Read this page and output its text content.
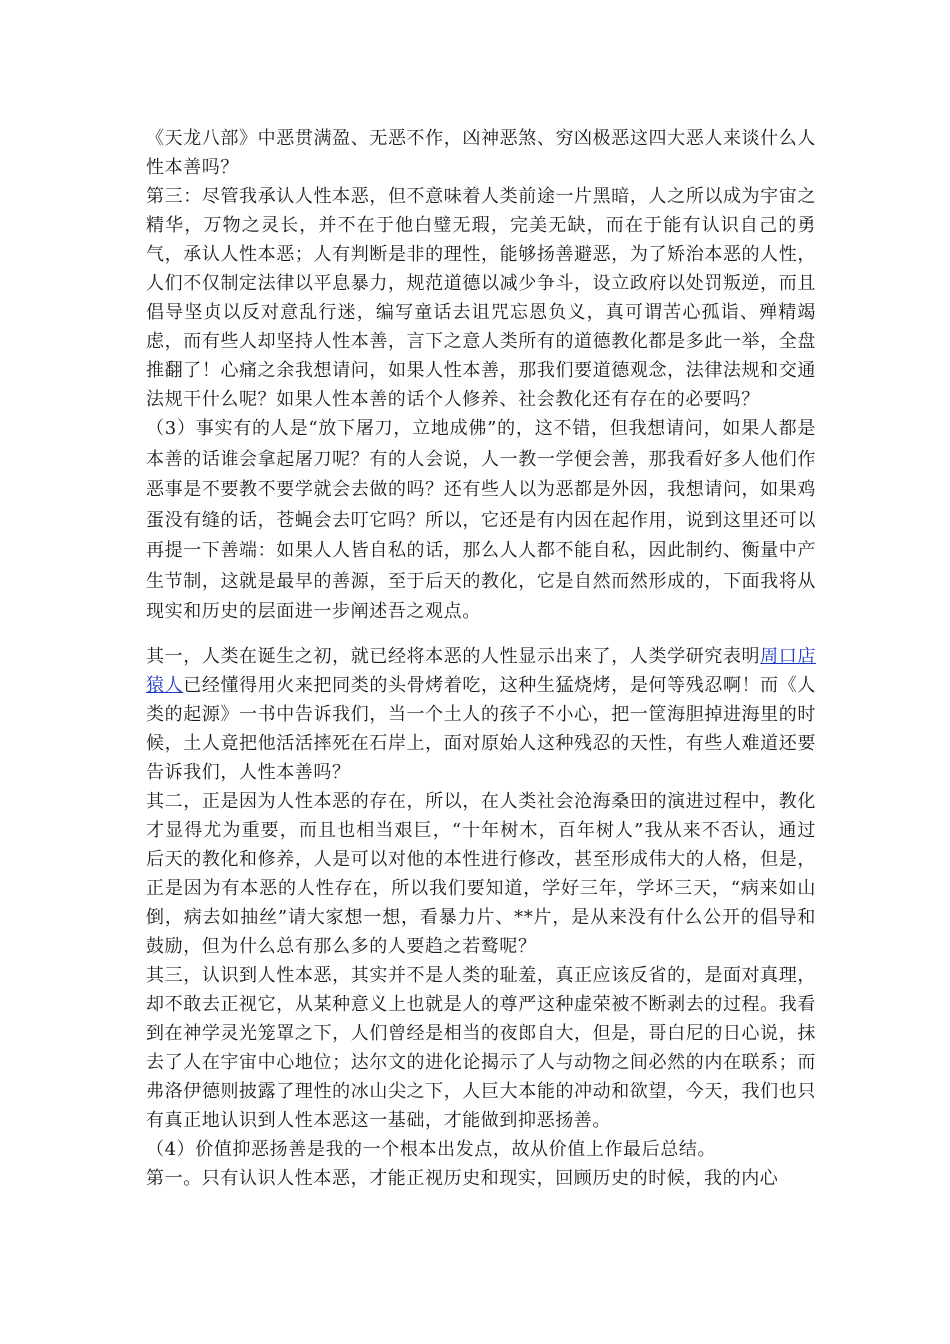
《天龙八部》中恶贯满盈、无恶不作，凶神恶煞、穷凶极恶这四大恶人来谈什么人性本善吗？

第三：尽管我承认人性本恶，但不意味着人类前途一片黑暗，人之所以成为宇宙之精华，万物之灵长，并不在于他白璧无瑕，完美无缺，而在于能有认识自己的勇气，承认人性本恶；人有判断是非的理性，能够扬善避恶，为了矫治本恶的人性，人们不仅制定法律以平息暴力，规范道德以减少争斗，设立政府以处罚叛逆，而且倡导坚贞以反对意乱行迷，编写童话去诅咒忘恩负义，真可谓苦心孤诣、殚精竭虑，而有些人却坚持人性本善，言下之意人类所有的道德教化都是多此一举，全盘推翻了！心痛之余我想请问，如果人性本善，那我们要道德观念，法律法规和交通法规干什么呢？如果人性本善的话个人修养、社会教化还有存在的必要吗？

（3）事实有的人是“放下屠刀，立地成佛”的，这不错，但我想请问，如果人都是本善的话谁会拿起屠刀呢？有的人会说，人一教一学便会善，那我看好多人他们作恶事是不要教不要学就会去做的吗？还有些人以为恶都是外因，我想请问，如果鸡蛋没有缝的话，苍蝇会去叮它吗？所以，它还是有内因在起作用，说到这里还可以再提一下善端：如果人人皆自私的话，那么人人都不能自私，因此制约、衡量中产生节制，这就是最早的善源，至于后天的教化，它是自然而然形成的，下面我将从现实和历史的层面进一步阐述吾之观点。

其一，人类在诞生之初，就已经将本恶的人性显示出来了，人类学研究表明周口店猿人已经懂得用火来把同类的头骨烤着吃，这种生猛烧烤，是何等残忍啊！而《人类的起源》一书中告诉我们，当一个土人的孩子不小心，把一筐海胆掉进海里的时候，土人竟把他活活摔死在石岸上，面对原始人这种残忍的天性，有些人难道还要告诉我们，人性本善吗？

其二，正是因为人性本恶的存在，所以，在人类社会沧海桑田的演进过程中，教化才显得尤为重要，而且也相当艰巨，“十年树木，百年树人”我从来不否认，通过后天的教化和修养，人是可以对他的本性进行修改，甚至形成伟大的人格，但是，正是因为有本恶的人性存在，所以我们要知道，学好三年，学坏三天，“病来如山倒，病去如抽丝”请大家想一想，看暴力片、**片，是从来没有什么公开的倡导和鼓励，但为什么总有那么多的人要趋之若鹜呢？

其三，认识到人性本恶，其实并不是人类的耻羞，真正应该反省的，是面对真理，却不敢去正视它，从某种意义上也就是人的尊严这种虚荣被不断剥去的过程。我看到在神学灵光笼罩之下，人们曾经是相当的夜郎自大，但是，哥白尼的日心说，抹去了人在宇宙中心地位；达尔文的进化论揭示了人与动物之间必然的内在联系；而弗洛伊德则披露了理性的冰山尖之下，人巨大本能的冲动和欲望，今天，我们也只有真正地认识到人性本恶这一基础，才能做到抑恶扬善。

（4）价值抑恶扬善是我的一个根本出发点，故从价值上作最后总结。

第一。只有认识人性本恶，才能正视历史和现实，回顾历史的时候，我的内心
